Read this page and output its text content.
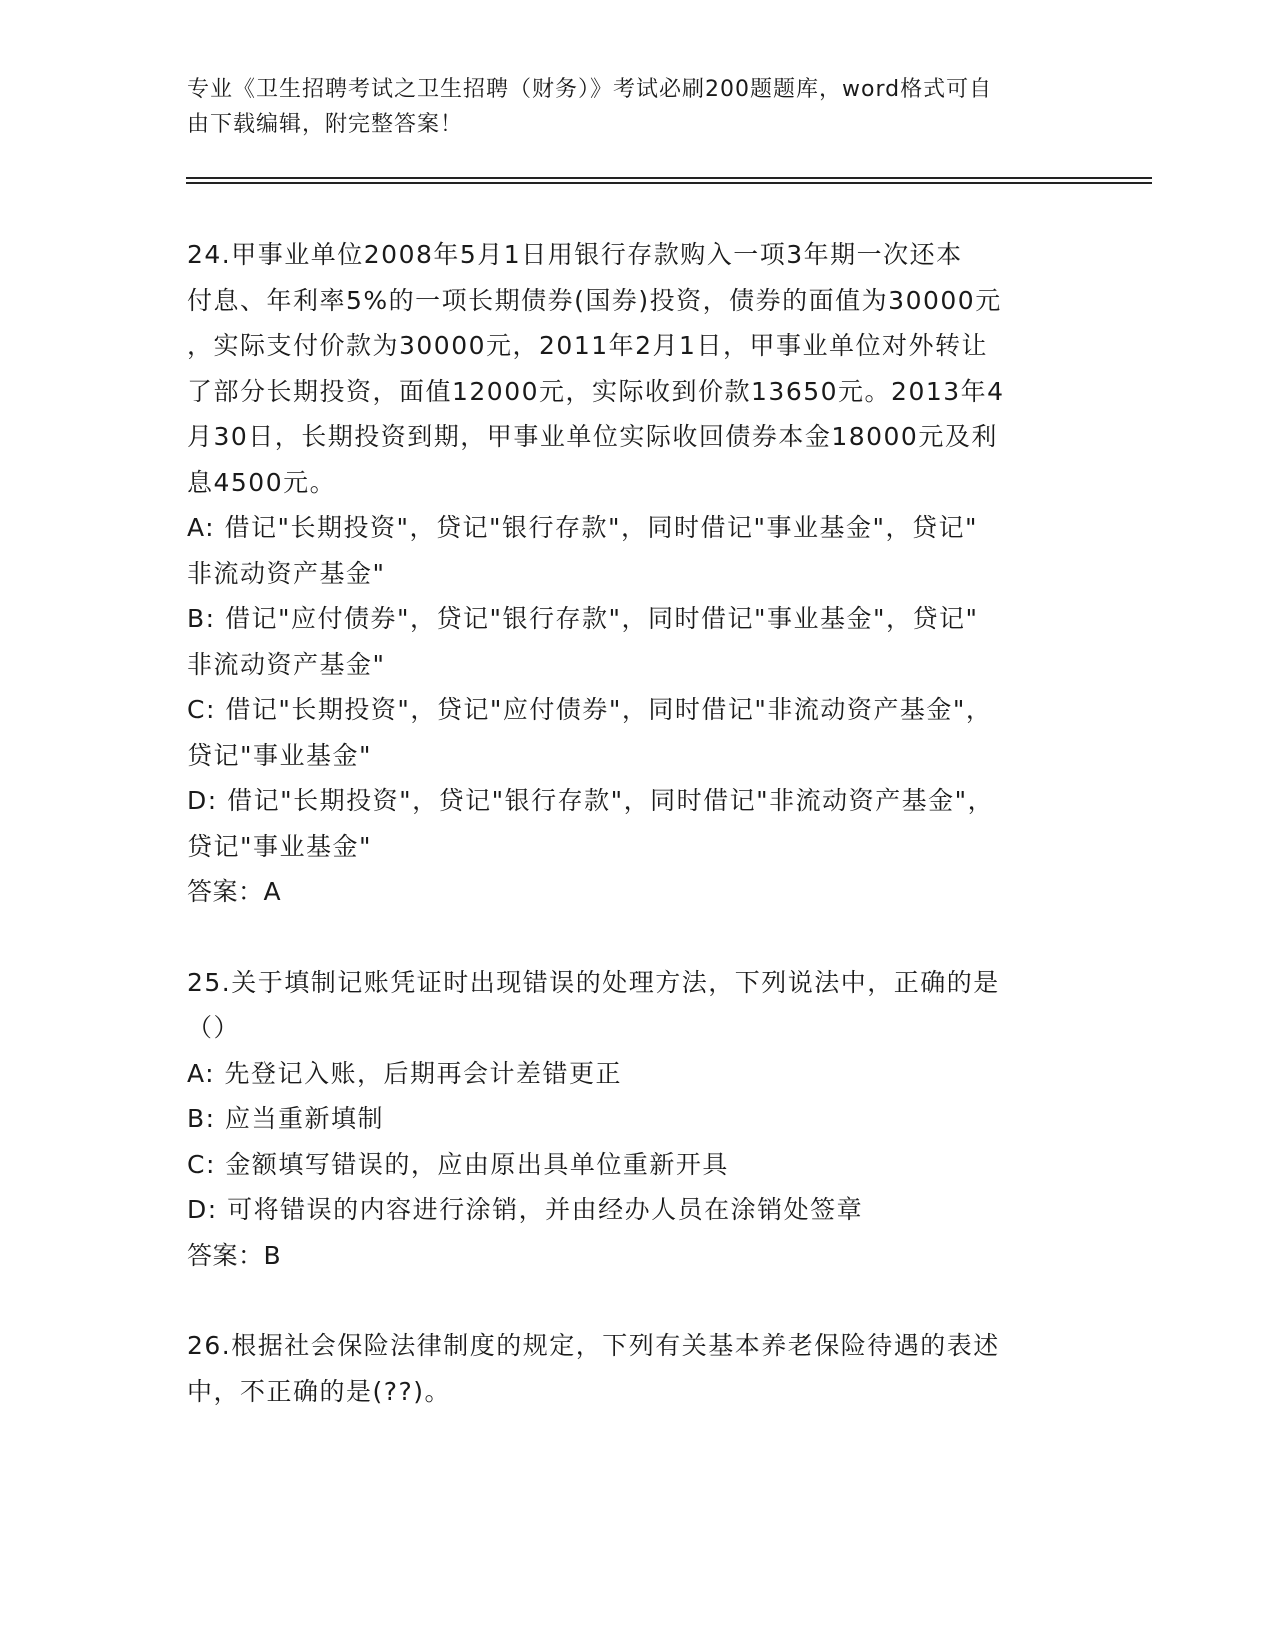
专业《卫生招聘考试之卫生招聘（财务）》考试必刷200题题库，word格式可自
由下载编辑，附完整答案！
24.甲事业单位2008年5月1日用银行存款购入一项3年期一次还本
付息、年利率5%的一项长期债券(国券)投资，债券的面值为30000元
，实际支付价款为30000元，2011年2月1日，甲事业单位对外转让
了部分长期投资，面值12000元，实际收到价款13650元。2013年4
月30日，长期投资到期，甲事业单位实际收回债券本金18000元及利
息4500元。
A: 借记"长期投资"，贷记"银行存款"，同时借记"事业基金"，贷记"
非流动资产基金"
B: 借记"应付债券"，贷记"银行存款"，同时借记"事业基金"，贷记"
非流动资产基金"
C: 借记"长期投资"，贷记"应付债券"，同时借记"非流动资产基金"，
贷记"事业基金"
D: 借记"长期投资"，贷记"银行存款"，同时借记"非流动资产基金"，
贷记"事业基金"
答案：A
25.关于填制记账凭证时出现错误的处理方法，下列说法中，正确的是
（）
A: 先登记入账，后期再会计差错更正
B: 应当重新填制
C: 金额填写错误的，应由原出具单位重新开具
D: 可将错误的内容进行涂销，并由经办人员在涂销处签章
答案：B
26.根据社会保险法律制度的规定，下列有关基本养老保险待遇的表述
中，不正确的是(??)。
